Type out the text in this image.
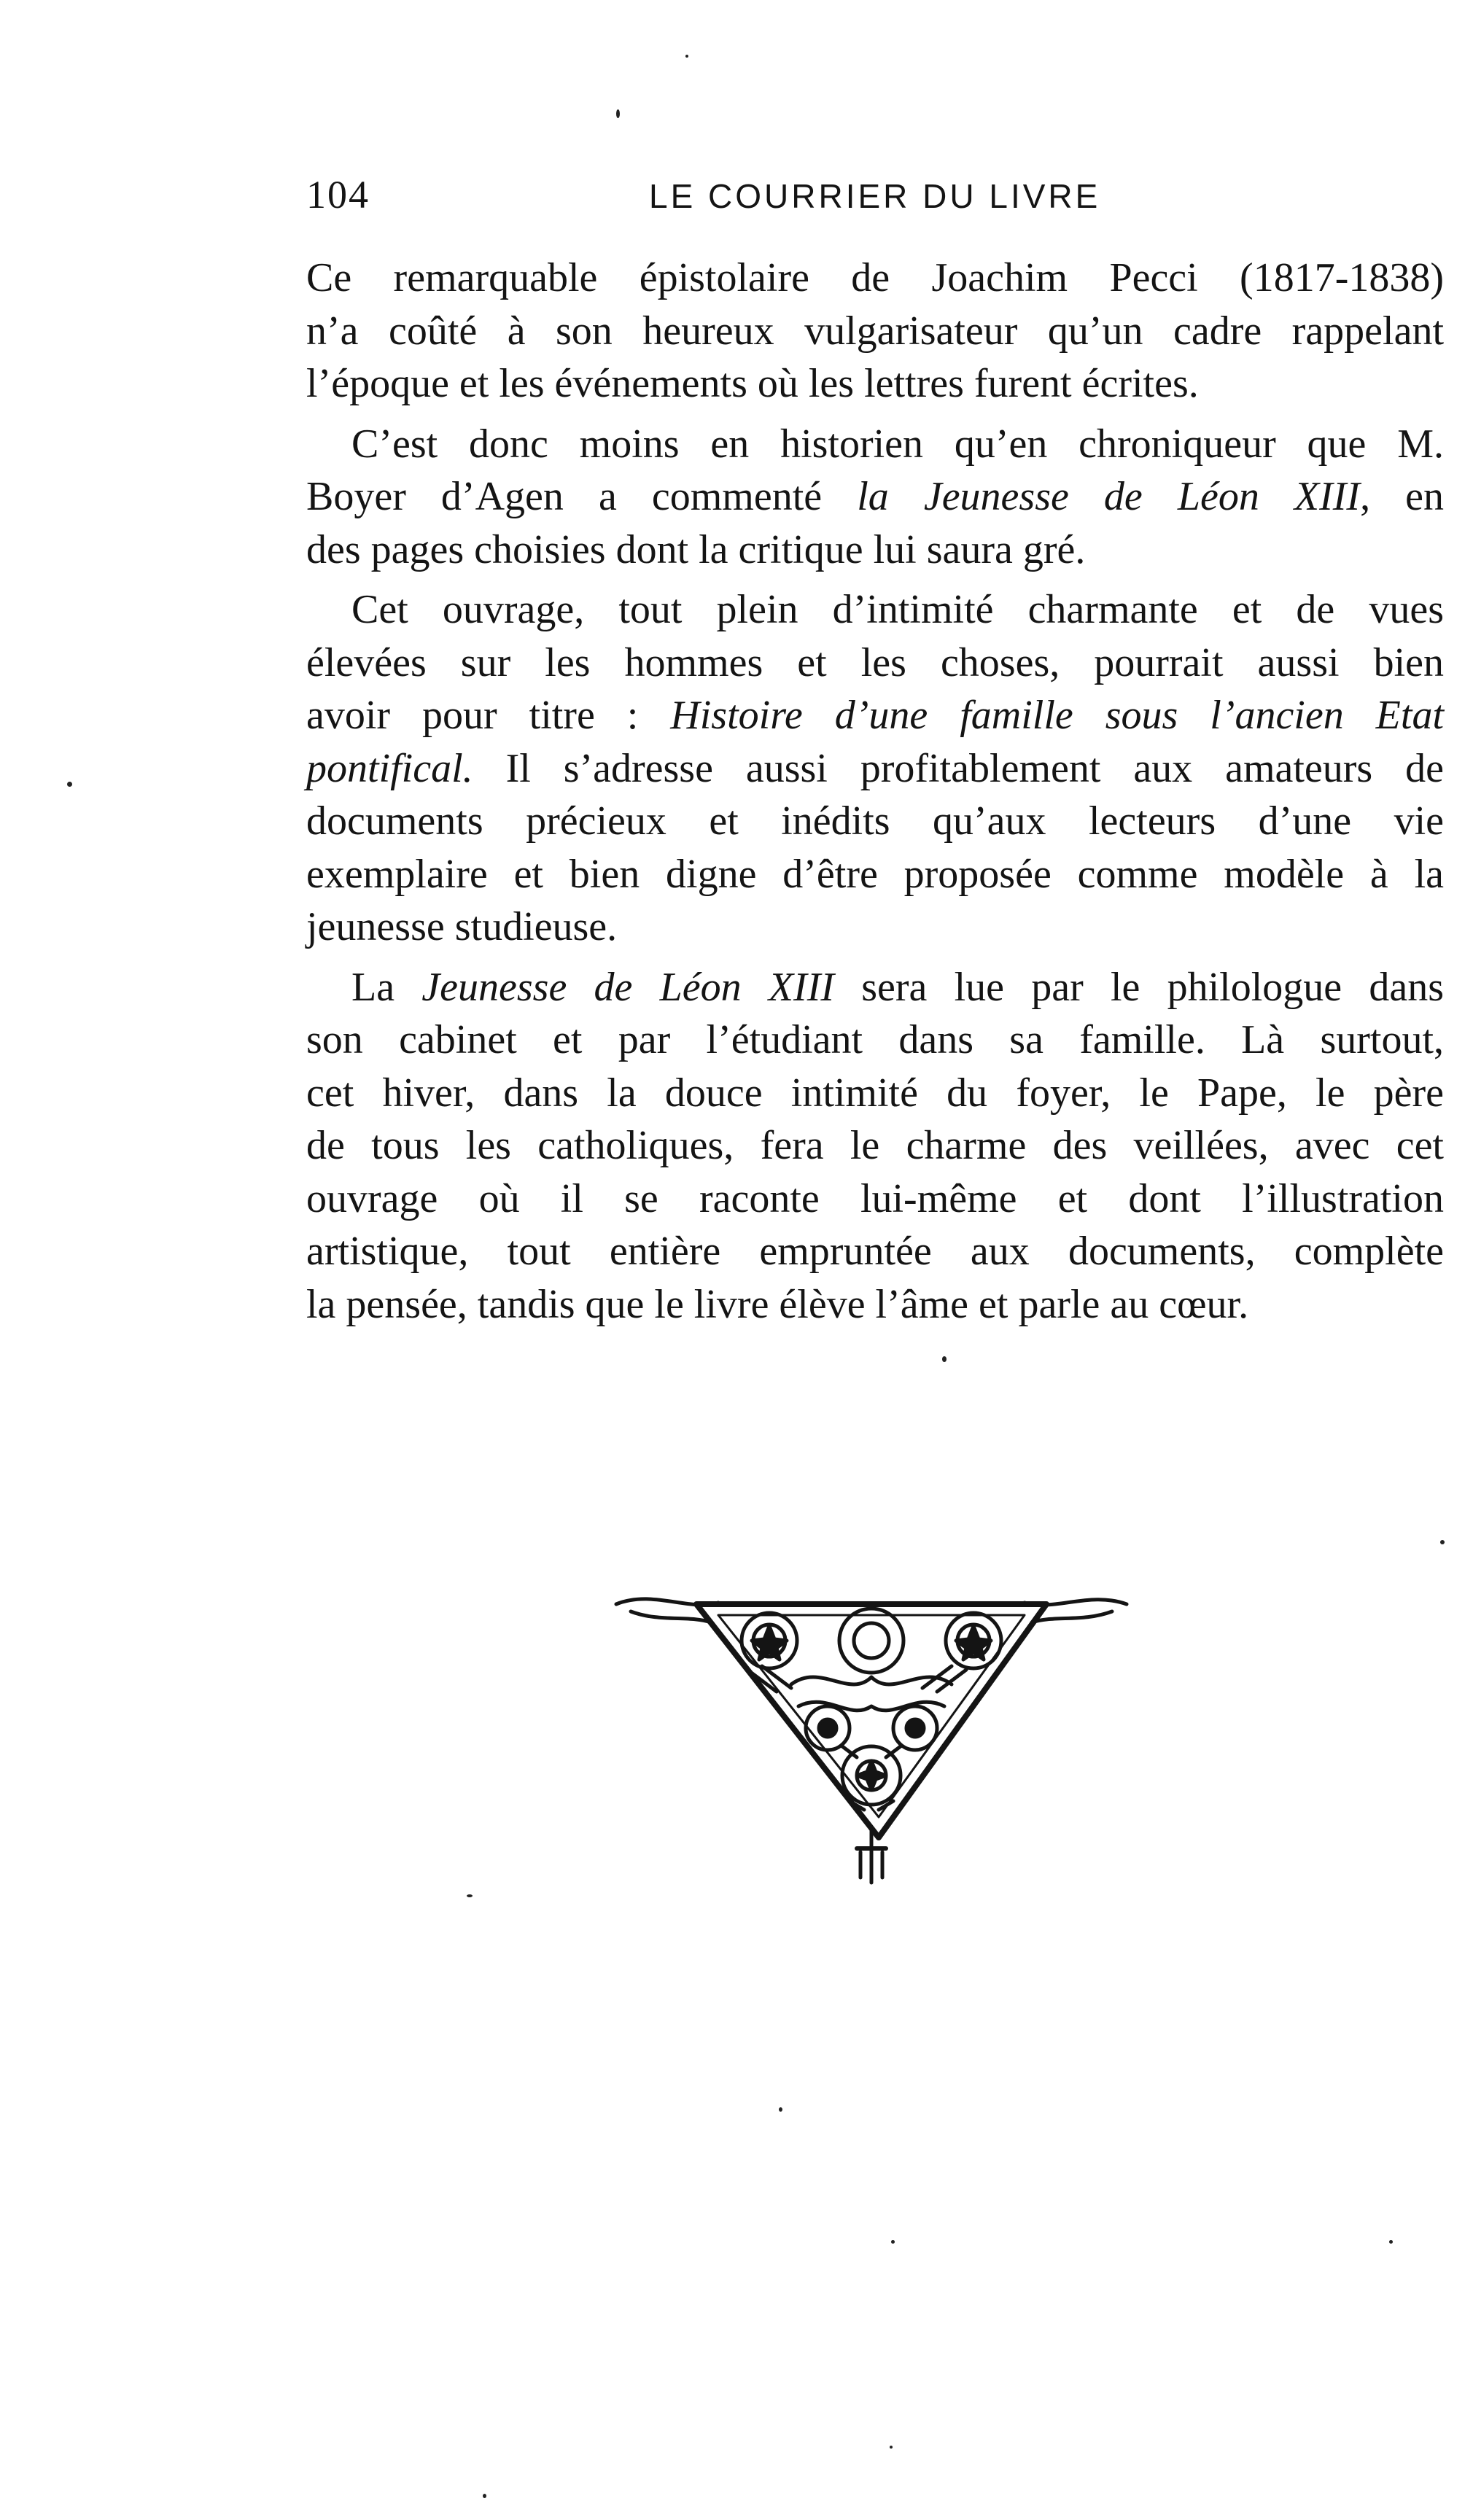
104	LE COURRIER DU LIVRE

Ce remarquable épistolaire de Joachim Pecci (1817-1838)
n’a coûté à son heureux vulgarisateur qu’un cadre rappelant
l’époque et les événements où les lettres furent écrites.

C’est donc moins en historien qu’en chroniqueur que M.
Boyer d’Agen a commenté la Jeunesse de Léon XIII, en
des pages choisies dont la critique lui saura gré.

Cet ouvrage, tout plein d’intimité charmante et de vues
élevées sur les hommes et les choses, pourrait aussi bien
avoir pour titre : Histoire d’une famille sous l’ancien Etat
pontifical. Il s’adresse aussi profitablement aux amateurs de
documents précieux et inédits qu’aux lecteurs d’une vie
exemplaire et bien digne d’être proposée comme modèle à la
jeunesse studieuse.

La Jeunesse de Léon XIII sera lue par le philologue dans
son cabinet et par l’étudiant dans sa famille. Là surtout,
cet hiver, dans la douce intimité du foyer, le Pape, le père
de tous les catholiques, fera le charme des veillées, avec cet
ouvrage où il se raconte lui-même et dont l’illustration
artistique, tout entière empruntée aux documents, complète
la pensée, tandis que le livre élève l’âme et parle au cœur.
